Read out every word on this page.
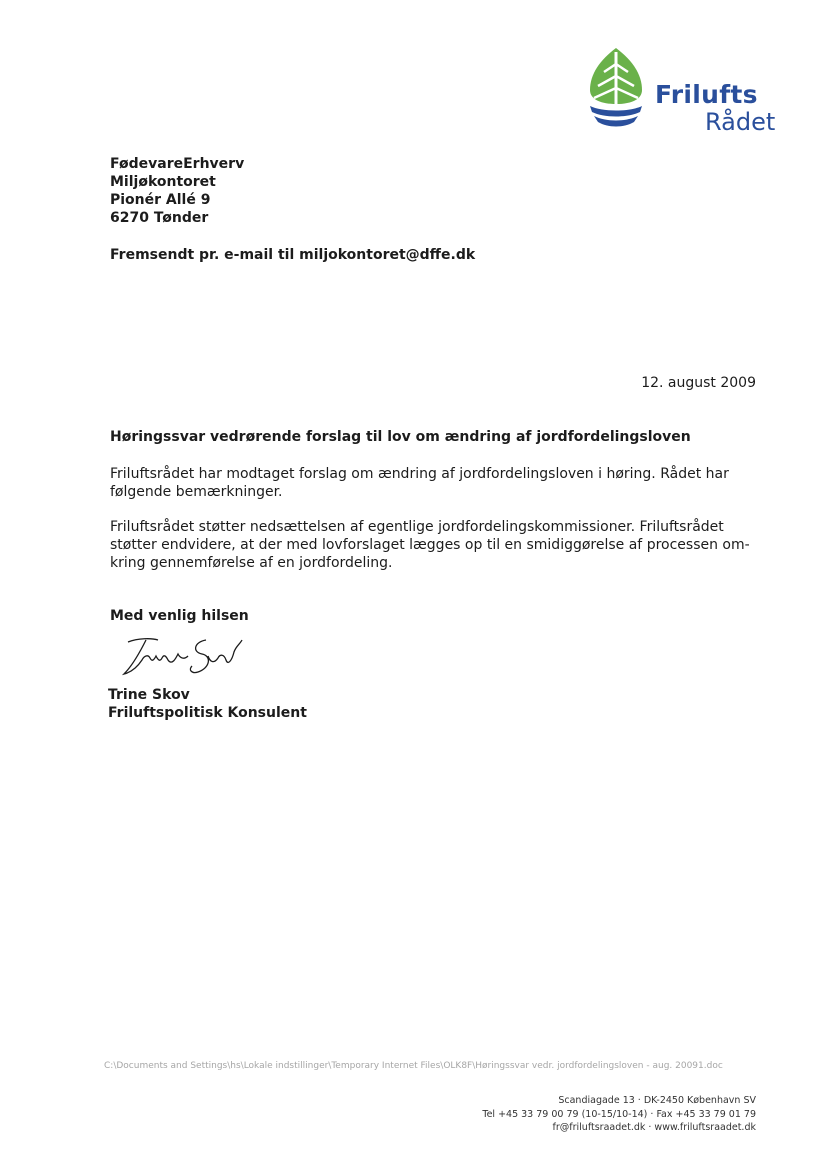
Frilufts
Rådet
FødevareErhverv
Miljøkontoret
Pionér Allé 9
6270 Tønder
Fremsendt pr. e-mail til miljokontoret@dffe.dk
12. august 2009
Høringssvar vedrørende forslag til lov om ændring af jordfordelingsloven

Friluftsrådet har modtaget forslag om ændring af jordfordelingsloven i høring. Rådet har følgende bemærkninger.

Friluftsrådet støtter nedsættelsen af egentlige jordfordelingskommissioner. Friluftsrådet støtter endvidere, at der med lovforslaget lægges op til en smidiggørelse af processen om-kring gennemførelse af en jordfordeling.

Med venlig hilsen
Trine Skov
Friluftspolitisk Konsulent
C:\Documents and Settings\hs\Lokale indstillinger\Temporary Internet Files\OLK8F\Høringssvar vedr. jordfordelingsloven - aug. 20091.doc
Scandiagade 13 · DK-2450 København SV
Tel +45 33 79 00 79 (10-15/10-14) · Fax +45 33 79 01 79
fr@friluftsraadet.dk · www.friluftsraadet.dk
